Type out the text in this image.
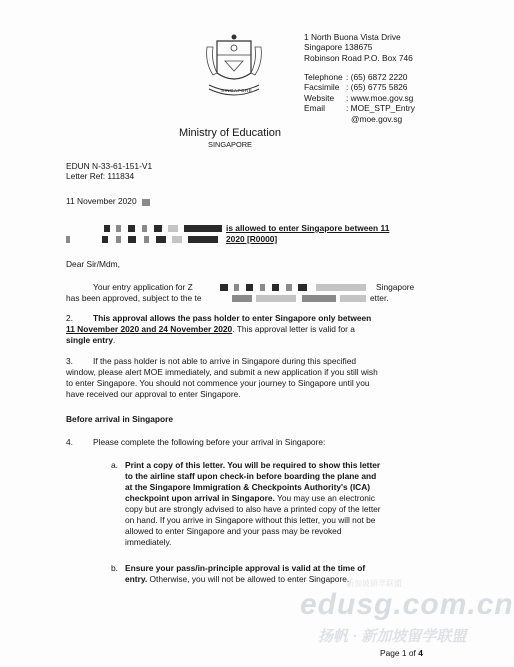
SINGAPORE
1 North Buona Vista Drive
Singapore 138675
Robinson Road P.O. Box 746
Telephone : (65) 6872 2220
Facsimile : (65) 6775 5826
Website	: www.moe.gov.sg
Email	: MOE_STP_Entry
@moe.gov.sg
Ministry of Education
SINGAPORE
EDUN N-33-61-151-V1
Letter Ref: 111834
11 November 2020
is allowed to enter Singapore between 11
2020 [R0000]
Dear Sir/Mdm,
Your entry application for Z	Singapore
has been approved, subject to the te	etter.
2. This approval allows the pass holder to enter Singapore only between
11 November 2020 and 24 November 2020. This approval letter is valid for a
single entry.
3. If the pass holder is not able to arrive in Singapore during this specified
window, please alert MOE immediately, and submit a new application if you still wish
to enter Singapore. You should not commence your journey to Singapore until you
have received our approval to enter Singapore.
Before arrival in Singapore
4. Please complete the following before your arrival in Singapore:
a. Print a copy of this letter. You will be required to show this letter
to the airline staff upon check-in before boarding the plane and
at the Singapore Immigration & Checkpoints Authority's (ICA)
checkpoint upon arrival in Singapore. You may use an electronic
copy but are strongly advised to also have a printed copy of the letter
on hand. If you arrive in Singapore without this letter, you will not be
allowed to enter Singapore and your pass may be revoked
immediately.
b. Ensure your pass/in-principle approval is valid at the time of
entry. Otherwise, you will not be allowed to enter Singapore.
新加坡留学联盟
edusg.com.cn
扬帆 · 新加坡留学联盟
Page 1 of 4
